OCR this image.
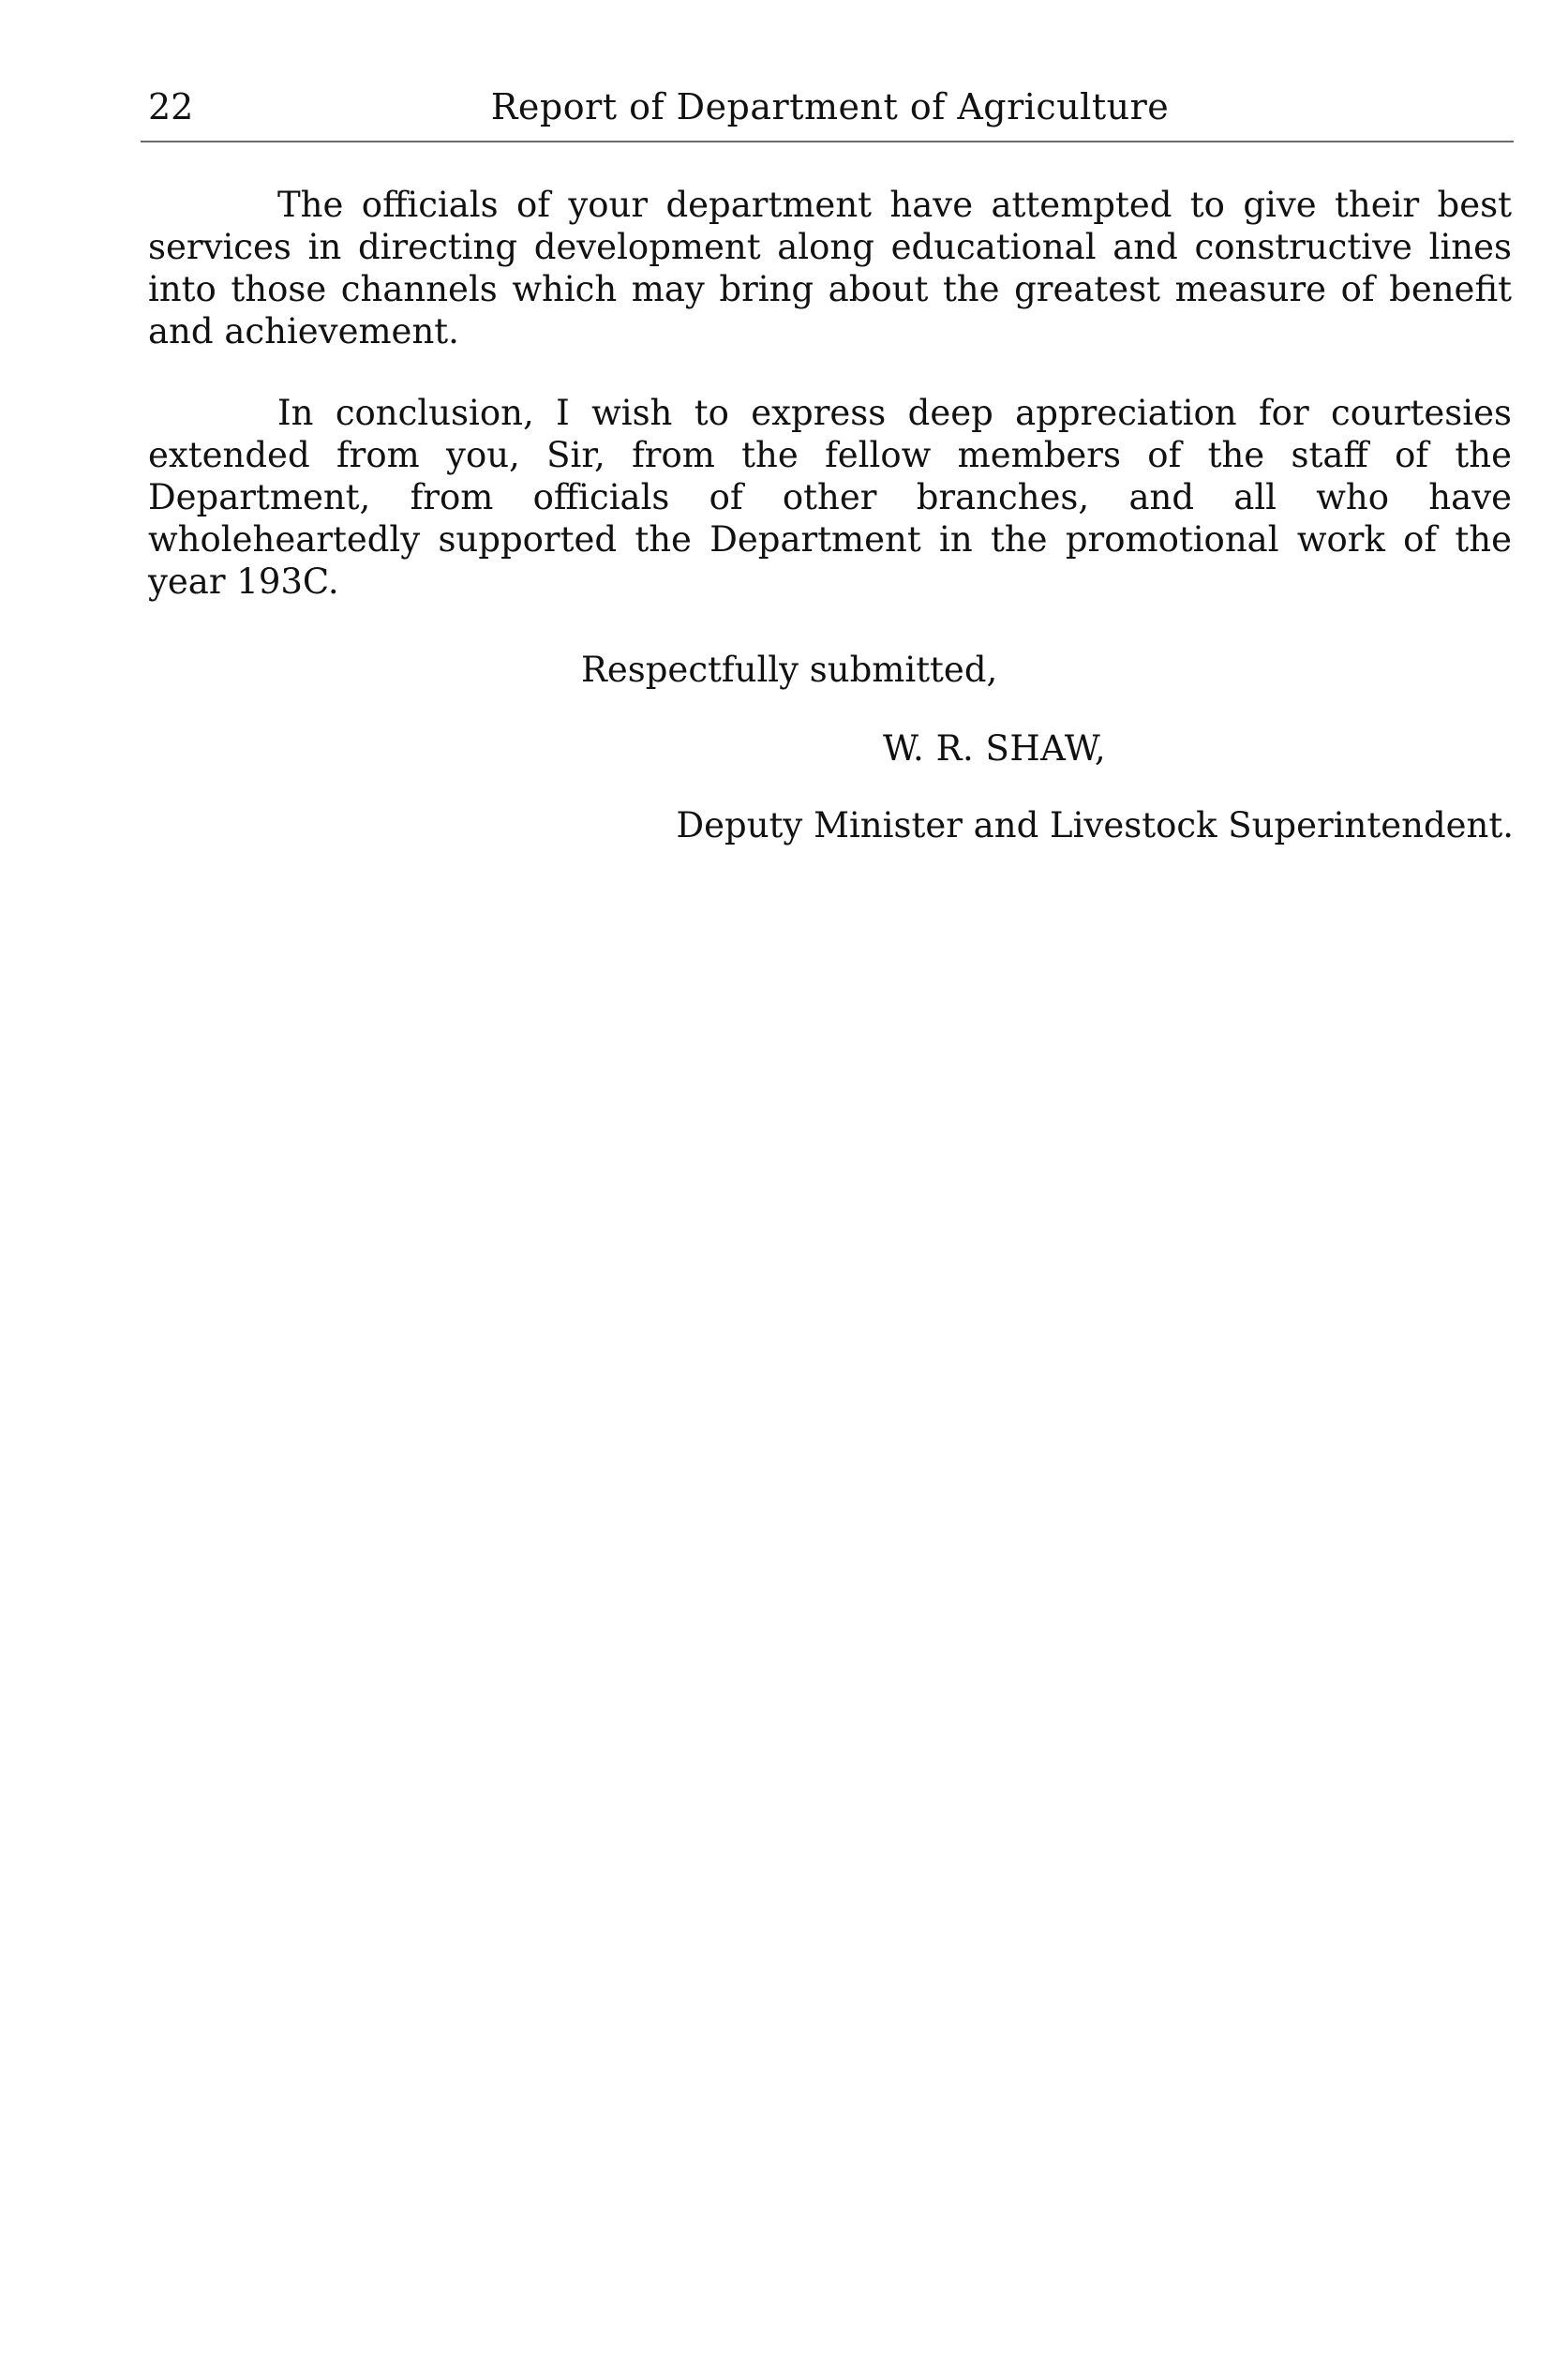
22	Report of Department of Agriculture

The officials of your department have attempted to give their best services in directing development along educational and constructive lines into those channels which may bring about the greatest measure of benefit and achievement.

In conclusion, I wish to express deep appreciation for courtesies extended from you, Sir, from the fellow members of the staff of the Department, from officials of other branches, and all who have wholeheartedly supported the Department in the promotional work of the year 193C.

Respectfully submitted,
W. R. SHAW,
Deputy Minister and Livestock Superintendent.
